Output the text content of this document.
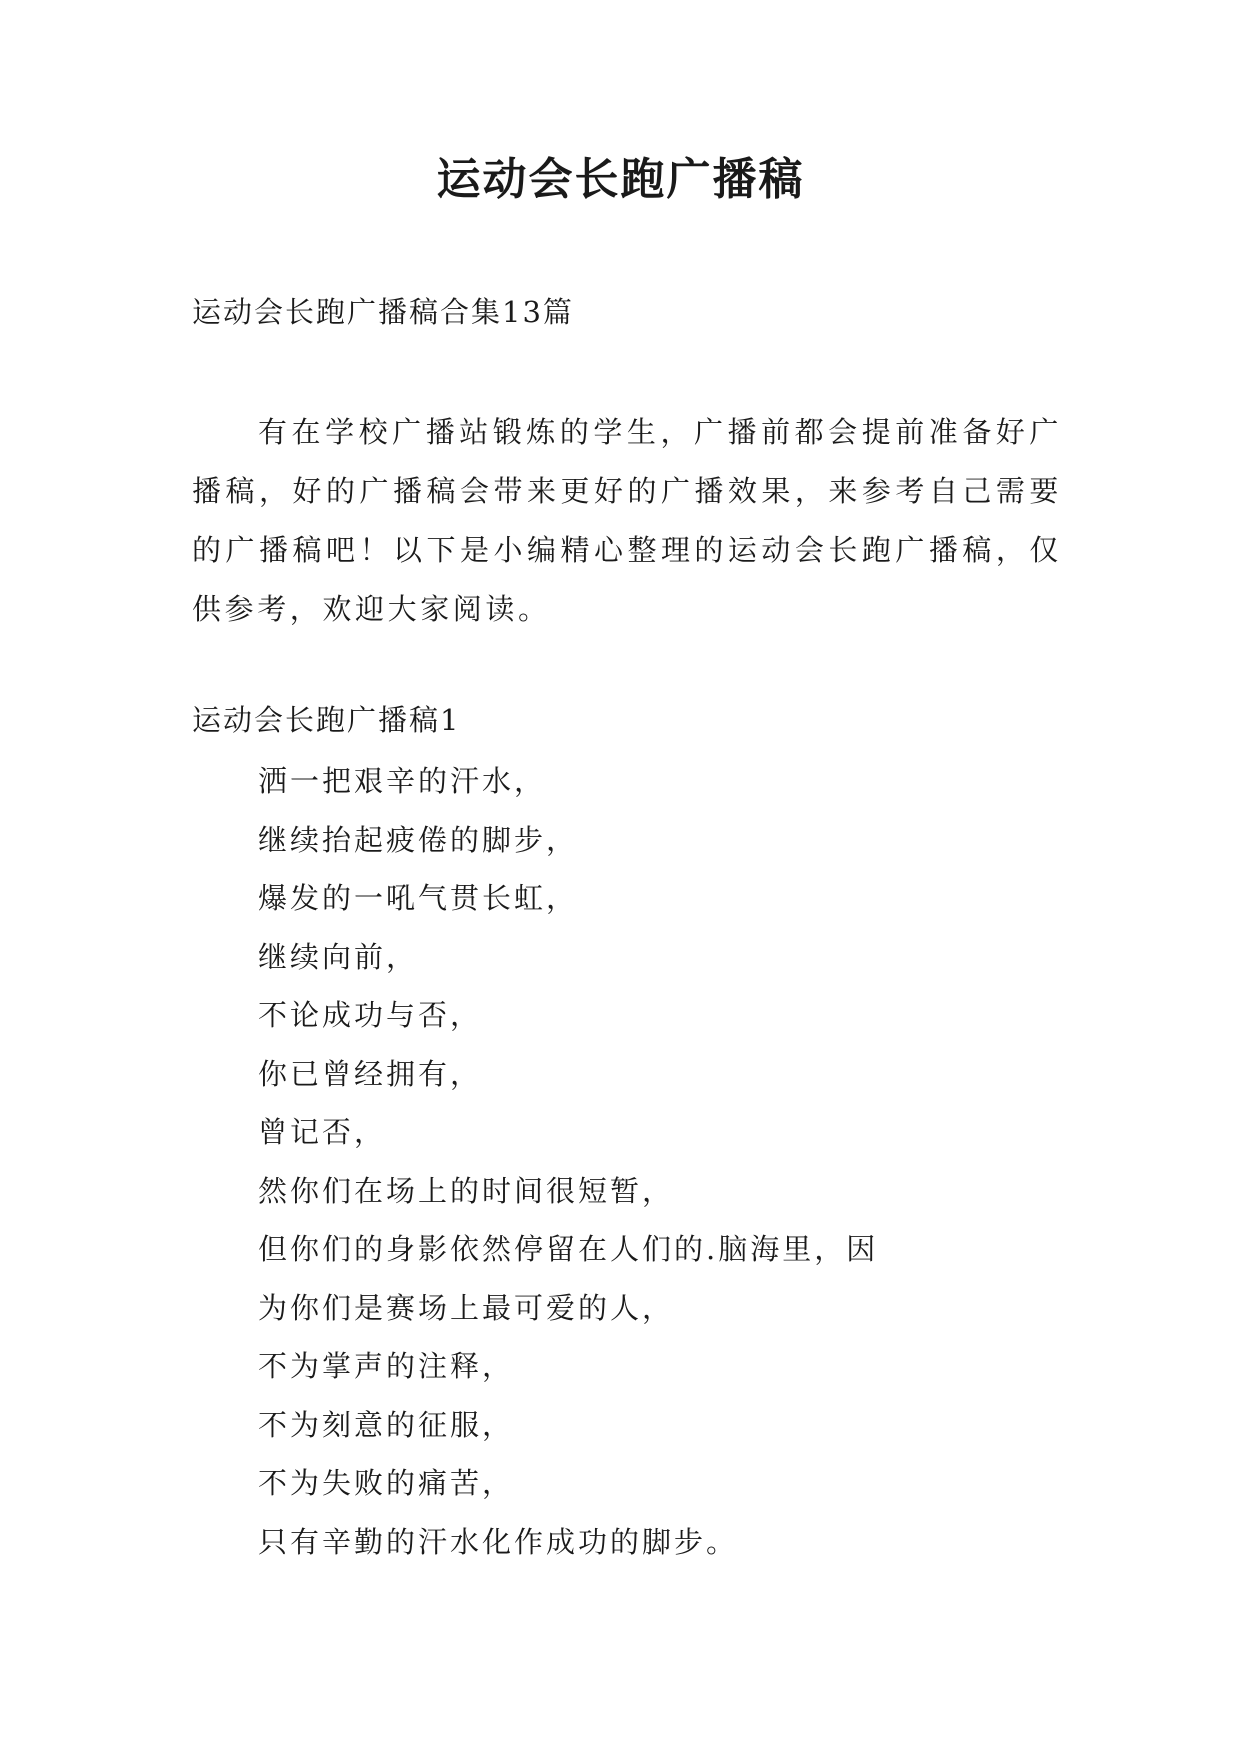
运动会长跑广播稿

运动会长跑广播稿合集13篇

有在学校广播站锻炼的学生，广播前都会提前准备好广播稿，好的广播稿会带来更好的广播效果，来参考自己需要的广播稿吧！以下是小编精心整理的运动会长跑广播稿，仅供参考，欢迎大家阅读。

运动会长跑广播稿1

洒一把艰辛的汗水，
继续抬起疲倦的脚步，
爆发的一吼气贯长虹，
继续向前，
不论成功与否，
你已曾经拥有，
曾记否，
然你们在场上的时间很短暂，
但你们的身影依然停留在人们的.脑海里，因
为你们是赛场上最可爱的人，
不为掌声的注释，
不为刻意的征服，
不为失败的痛苦，
只有辛勤的汗水化作成功的脚步。
